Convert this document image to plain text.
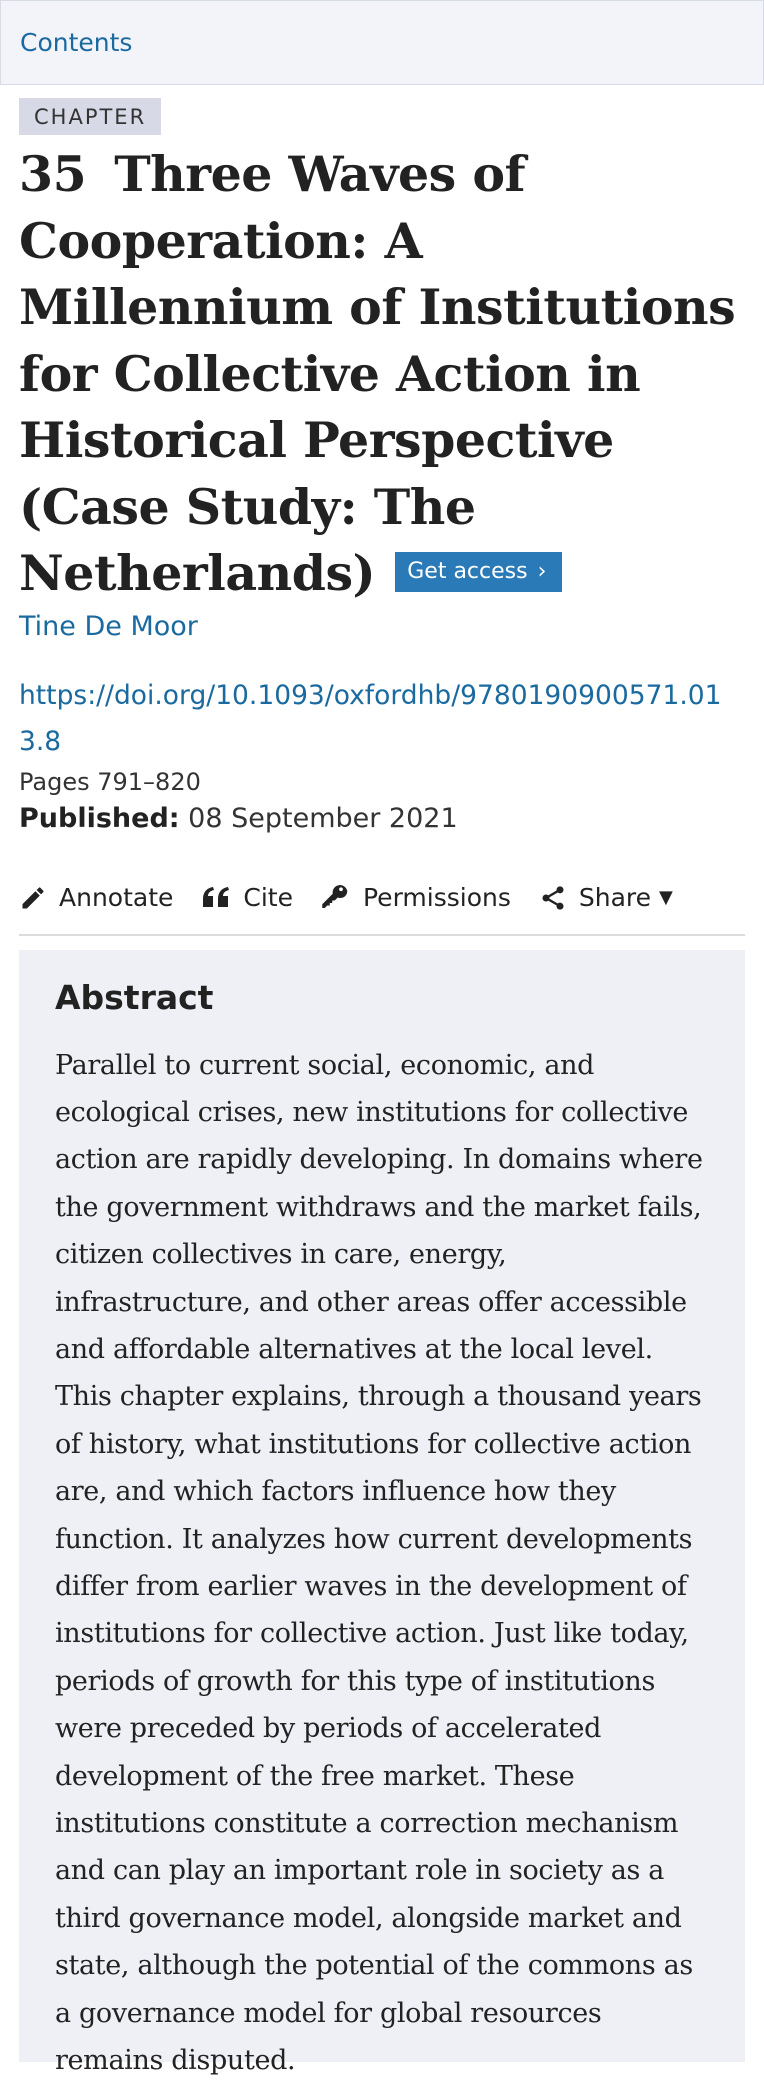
Contents
CHAPTER
35 Three Waves of Cooperation: A Millennium of Institutions for Collective Action in Historical Perspective (Case Study: The Netherlands) Get access ›
Tine De Moor
https://doi.org/10.1093/oxfordhb/9780190900571.013.8
Pages 791–820
Published: 08 September 2021
Annotate	Cite	Permissions	Share ▼
Abstract

Parallel to current social, economic, and ecological crises, new institutions for collective action are rapidly developing. In domains where the government withdraws and the market fails, citizen collectives in care, energy, infrastructure, and other areas offer accessible and affordable alternatives at the local level. This chapter explains, through a thousand years of history, what institutions for collective action are, and which factors influence how they function. It analyzes how current developments differ from earlier waves in the development of institutions for collective action. Just like today, periods of growth for this type of institutions were preceded by periods of accelerated development of the free market. These institutions constitute a correction mechanism and can play an important role in society as a third governance model, alongside market and state, although the potential of the commons as a governance model for global resources remains disputed.
